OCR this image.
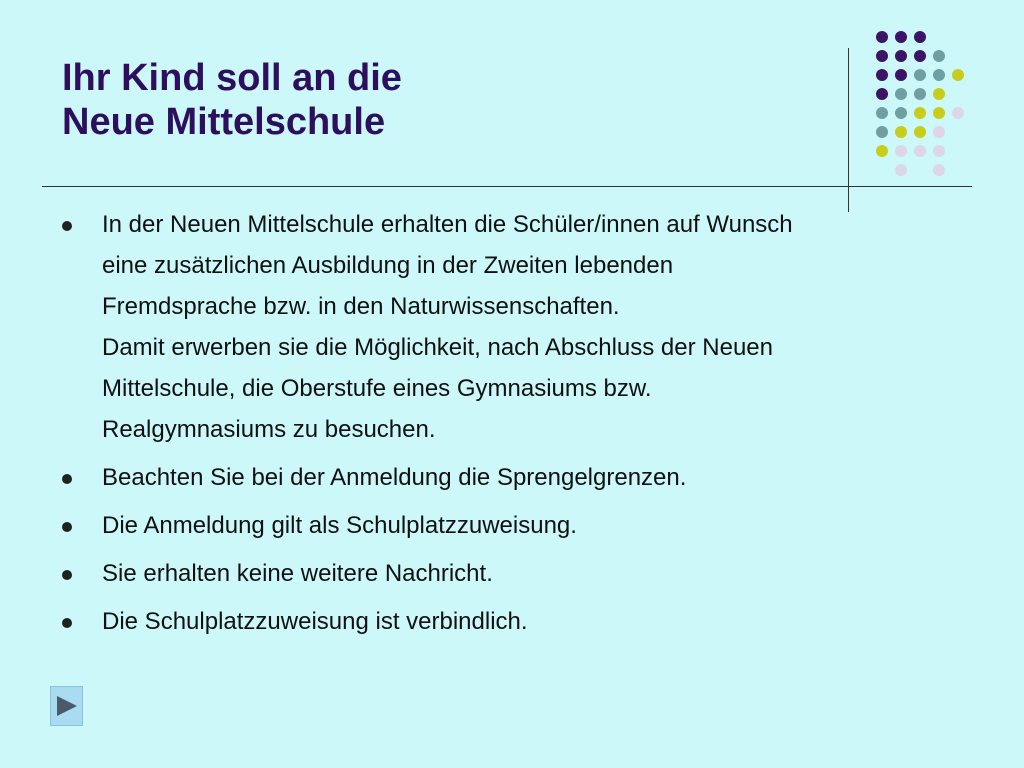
Ihr Kind soll an die
Neue Mittelschule
In der Neuen Mittelschule erhalten die Schüler/innen auf Wunsch
eine zusätzlichen Ausbildung in der Zweiten lebenden
Fremdsprache bzw. in den Naturwissenschaften.
Damit erwerben sie die Möglichkeit, nach Abschluss der Neuen
Mittelschule, die Oberstufe eines Gymnasiums bzw.
Realgymnasiums zu besuchen.
Beachten Sie bei der Anmeldung die Sprengelgrenzen.
Die Anmeldung gilt als Schulplatzzuweisung.
Sie erhalten keine weitere Nachricht.
Die Schulplatzzuweisung ist verbindlich.
